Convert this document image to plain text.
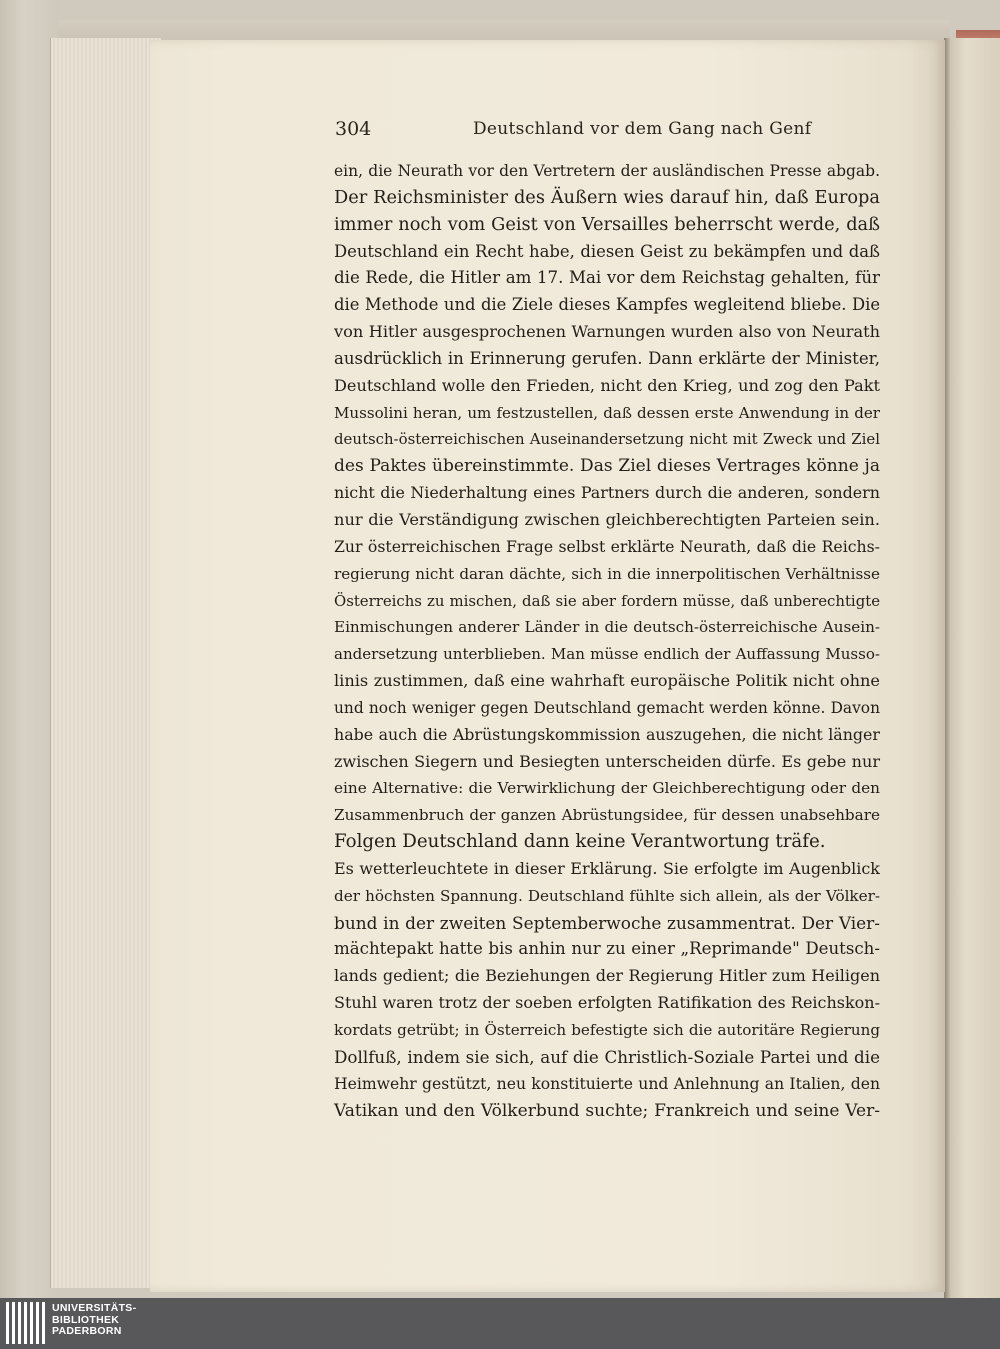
304	Deutschland vor dem Gang nach Genf
ein, die Neurath vor den Vertretern der ausländischen Presse abgab.
Der Reichsminister des Äußern wies darauf hin, daß Europa
immer noch vom Geist von Versailles beherrscht werde, daß
Deutschland ein Recht habe, diesen Geist zu bekämpfen und daß
die Rede, die Hitler am 17. Mai vor dem Reichstag gehalten, für
die Methode und die Ziele dieses Kampfes wegleitend bliebe. Die
von Hitler ausgesprochenen Warnungen wurden also von Neurath
ausdrücklich in Erinnerung gerufen. Dann erklärte der Minister,
Deutschland wolle den Frieden, nicht den Krieg, und zog den Pakt
Mussolini heran, um festzustellen, daß dessen erste Anwendung in der
deutsch-österreichischen Auseinandersetzung nicht mit Zweck und Ziel
des Paktes übereinstimmte. Das Ziel dieses Vertrages könne ja
nicht die Niederhaltung eines Partners durch die anderen, sondern
nur die Verständigung zwischen gleichberechtigten Parteien sein.
Zur österreichischen Frage selbst erklärte Neurath, daß die Reichs-
regierung nicht daran dächte, sich in die innerpolitischen Verhältnisse
Österreichs zu mischen, daß sie aber fordern müsse, daß unberechtigte
Einmischungen anderer Länder in die deutsch-österreichische Ausein-
andersetzung unterblieben. Man müsse endlich der Auffassung Musso-
linis zustimmen, daß eine wahrhaft europäische Politik nicht ohne
und noch weniger gegen Deutschland gemacht werden könne. Davon
habe auch die Abrüstungskommission auszugehen, die nicht länger
zwischen Siegern und Besiegten unterscheiden dürfe. Es gebe nur
eine Alternative: die Verwirklichung der Gleichberechtigung oder den
Zusammenbruch der ganzen Abrüstungsidee, für dessen unabsehbare
Folgen Deutschland dann keine Verantwortung träfe.
Es wetterleuchtete in dieser Erklärung. Sie erfolgte im Augenblick
der höchsten Spannung. Deutschland fühlte sich allein, als der Völker-
bund in der zweiten Septemberwoche zusammentrat. Der Vier-
mächtepakt hatte bis anhin nur zu einer „Reprimande" Deutsch-
lands gedient; die Beziehungen der Regierung Hitler zum Heiligen
Stuhl waren trotz der soeben erfolgten Ratifikation des Reichskon-
kordats getrübt; in Österreich befestigte sich die autoritäre Regierung
Dollfuß, indem sie sich, auf die Christlich-Soziale Partei und die
Heimwehr gestützt, neu konstituierte und Anlehnung an Italien, den
Vatikan und den Völkerbund suchte; Frankreich und seine Ver-
UNIVERSITÄTS-
BIBLIOTHEK
PADERBORN
